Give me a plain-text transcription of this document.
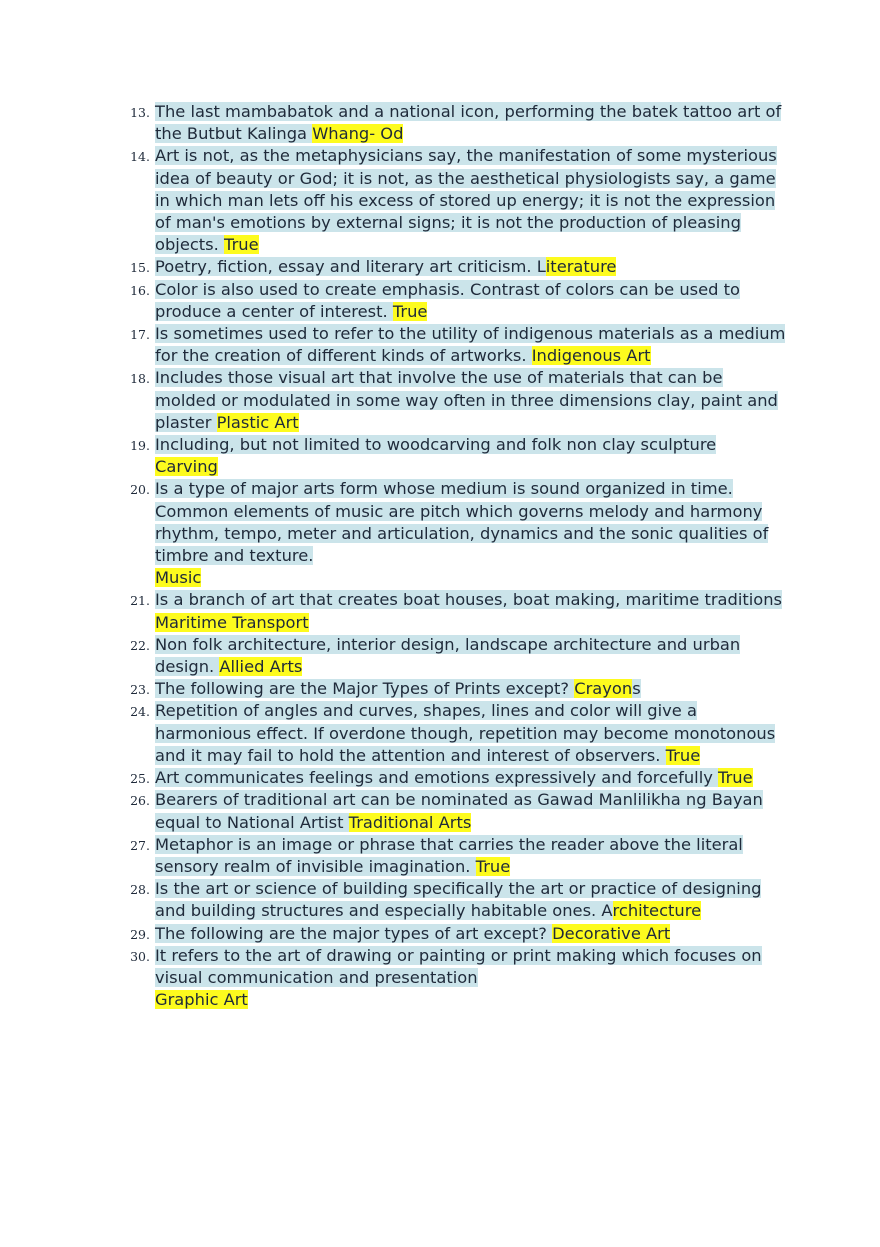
13. The last mambabatok and a national icon, performing the batek tattoo art of the Butbut Kalinga Whang- Od
14. Art is not, as the metaphysicians say, the manifestation of some mysterious idea of beauty or God; it is not, as the aesthetical physiologists say, a game in which man lets off his excess of stored up energy; it is not the expression of man's emotions by external signs; it is not the production of pleasing objects. True
15. Poetry, fiction, essay and literary art criticism. Literature
16. Color is also used to create emphasis. Contrast of colors can be used to produce a center of interest. True
17. Is sometimes used to refer to the utility of indigenous materials as a medium for the creation of different kinds of artworks. Indigenous Art
18. Includes those visual art that involve the use of materials that can be molded or modulated in some way often in three dimensions clay, paint and plaster Plastic Art
19. Including, but not limited to woodcarving and folk non clay sculpture
Carving
20. Is a type of major arts form whose medium is sound organized in time. Common elements of music are pitch which governs melody and harmony rhythm, tempo, meter and articulation, dynamics and the sonic qualities of timbre and texture.
Music
21. Is a branch of art that creates boat houses, boat making, maritime traditions Maritime Transport
22. Non folk architecture, interior design, landscape architecture and urban design. Allied Arts
23. The following are the Major Types of Prints except? Crayons
24. Repetition of angles and curves, shapes, lines and color will give a harmonious effect. If overdone though, repetition may become monotonous and it may fail to hold the attention and interest of observers. True
25. Art communicates feelings and emotions expressively and forcefully True
26. Bearers of traditional art can be nominated as Gawad Manlilikha ng Bayan equal to National Artist Traditional Arts
27. Metaphor is an image or phrase that carries the reader above the literal sensory realm of invisible imagination. True
28. Is the art or science of building specifically the art or practice of designing and building structures and especially habitable ones. Architecture
29. The following are the major types of art except? Decorative Art
30. It refers to the art of drawing or painting or print making which focuses on visual communication and presentation
Graphic Art
